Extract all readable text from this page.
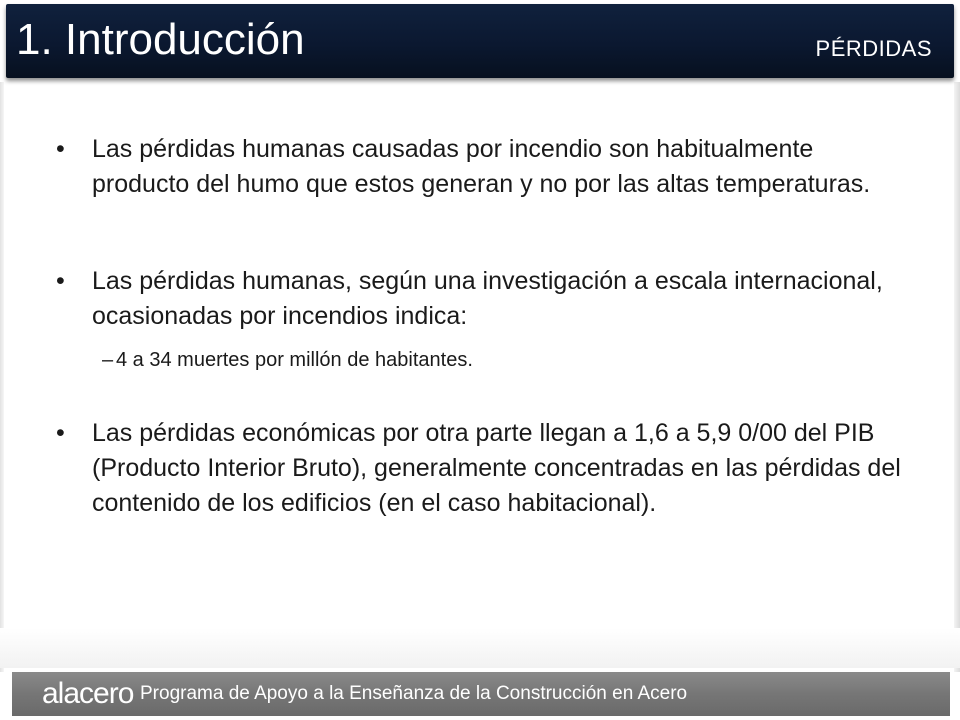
1. Introducción	PÉRDIDAS
•	Las pérdidas humanas causadas por incendio son habitualmente producto del humo que estos generan y no por las altas temperaturas.
•	Las pérdidas humanas, según una investigación a escala internacional, ocasionadas por incendios indica:
– 4 a 34 muertes por millón de habitantes.
•	Las pérdidas económicas por otra parte llegan a 1,6 a 5,9 0/00 del PIB (Producto Interior Bruto), generalmente concentradas en las pérdidas del contenido de los edificios (en el caso habitacional).
alacero Programa de Apoyo a la Enseñanza de la Construcción en Acero
